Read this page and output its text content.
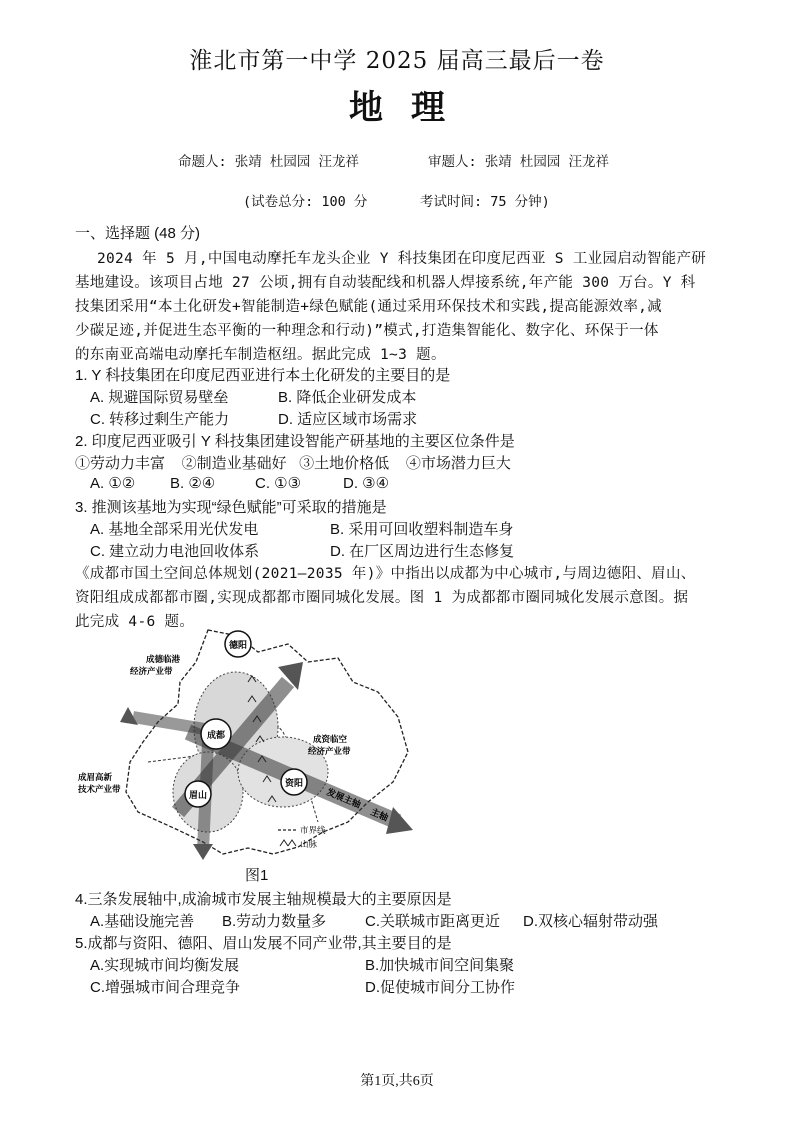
淮北市第一中学 2025 届高三最后一卷
地理
命题人: 张靖 杜园园 汪龙祥	审题人: 张靖 杜园园 汪龙祥
(试卷总分: 100 分	考试时间: 75 分钟)
一、选择题 (48 分)
2024 年 5 月,中国电动摩托车龙头企业 Y 科技集团在印度尼西亚 S 工业园启动智能产研
基地建设。该项目占地 27 公顷,拥有自动装配线和机器人焊接系统,年产能 300 万台。Y 科
技集团采用“本土化研发+智能制造+绿色赋能(通过采用环保技术和实践,提高能源效率,减
少碳足迹,并促进生态平衡的一种理念和行动)”模式,打造集智能化、数字化、环保于一体
的东南亚高端电动摩托车制造枢纽。据此完成 1~3 题。
1. Y 科技集团在印度尼西亚进行本土化研发的主要目的是
A. 规避国际贸易壁垒	B. 降低企业研发成本
C. 转移过剩生产能力	D. 适应区域市场需求
2. 印度尼西亚吸引 Y 科技集团建设智能产研基地的主要区位条件是
①劳动力丰富    ②制造业基础好   ③土地价格低    ④市场潜力巨大
A. ①② B. ②④	C. ①③	D. ③④
3. 推测该基地为实现“绿色赋能”可采取的措施是
A. 基地全部采用光伏发电	B. 采用可回收塑料制造车身
C. 建立动力电池回收体系	D. 在厂区周边进行生态修复
《成都市国土空间总体规划(2021—2035 年)》中指出以成都为中心城市,与周边德阳、眉山、
资阳组成成都都市圈,实现成都都市圈同城化发展。图 1 为成都都市圈同城化发展示意图。据
此完成 4-6 题。
成都
德阳
眉山
资阳
成德临港
经济产业带
成资临空
经济产业带
成眉高新
技术产业带	发展主轴
主轴
市界线
山脉
图1
4.三条发展轴中,成渝城市发展主轴规模最大的主要原因是
A.基础设施完善 B.劳动力数量多	C.关联城市距离更近 D.双核心辐射带动强
5.成都与资阳、德阳、眉山发展不同产业带,其主要目的是
A.实现城市间均衡发展	B.加快城市间空间集聚
C.增强城市间合理竞争	D.促使城市间分工协作
第1页,共6页
